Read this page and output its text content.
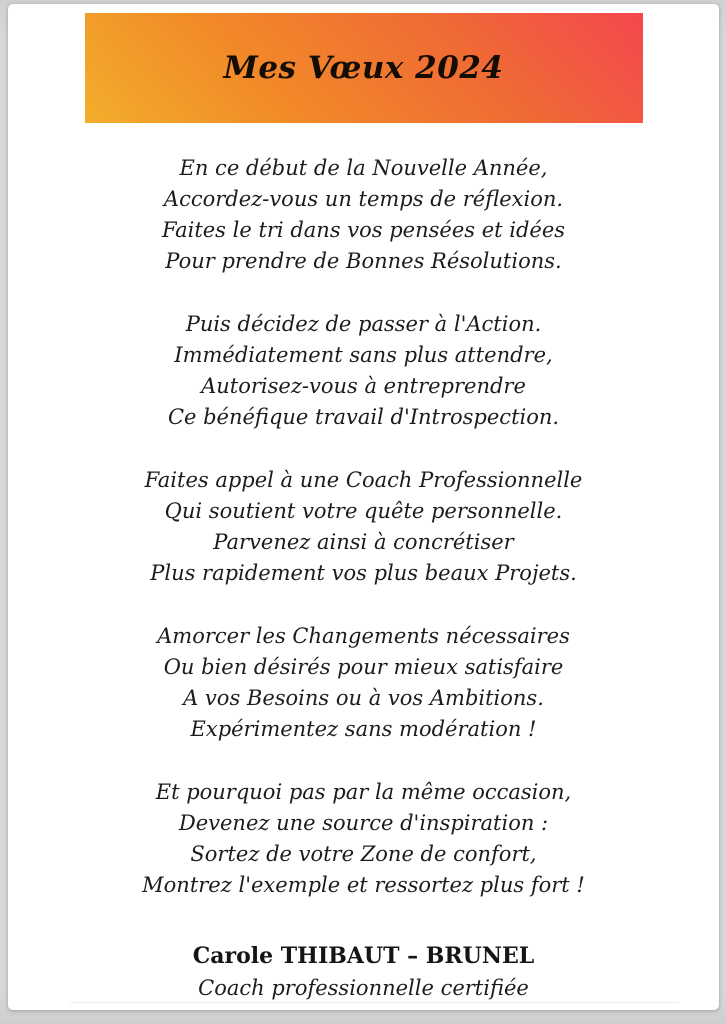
Mes Vœux 2024

En ce début de la Nouvelle Année,

Accordez-vous un temps de réflexion.

Faites le tri dans vos pensées et idées

Pour prendre de Bonnes Résolutions.

Puis décidez de passer à l'Action.

Immédiatement sans plus attendre,

Autorisez-vous à entreprendre

Ce bénéfique travail d'Introspection.

Faites appel à une Coach Professionnelle

Qui soutient votre quête personnelle.

Parvenez ainsi à concrétiser

Plus rapidement vos plus beaux Projets.

Amorcer les Changements nécessaires

Ou bien désirés pour mieux satisfaire

A vos Besoins ou à vos Ambitions.

Expérimentez sans modération !

Et pourquoi pas par la même occasion,

Devenez une source d'inspiration :

Sortez de votre Zone de confort,

Montrez l'exemple et ressortez plus fort !

Carole THIBAUT – BRUNEL

Coach professionnelle certifiée
